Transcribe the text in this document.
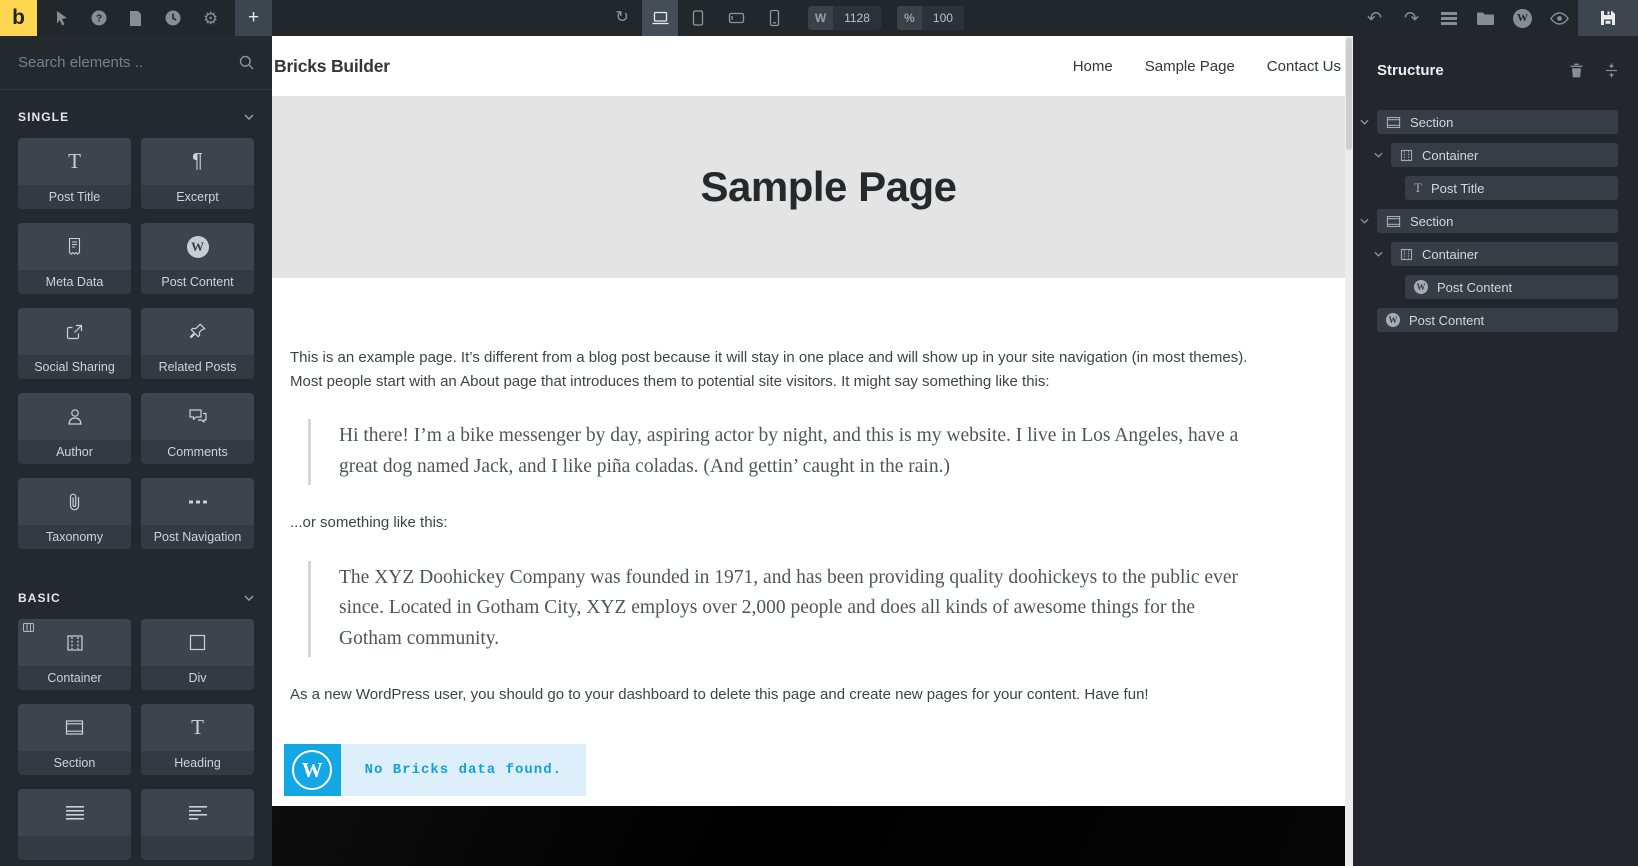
b	?	⚙	+	↻	W	1128	%	100	↶	↷	W
Search elements ..
SINGLE
T
Post Title
¶
Excerpt
Meta Data
W
Post Content
Social Sharing	Related Posts
Author	Comments
Taxonomy	Post Navigation
BASIC
Container	Div
Section
T
Heading
Bricks Builder	Home Sample Page Contact Us
Sample Page

This is an example page. It’s different from a blog post because it will stay in one place and will show up in your site navigation (in most themes). Most people start with an About page that introduces them to potential site visitors. It might say something like this:

Hi there! I’m a bike messenger by day, aspiring actor by night, and this is my website. I live in Los Angeles, have a great dog named Jack, and I like piña coladas. (And gettin’ caught in the rain.)

...or something like this:

The XYZ Doohickey Company was founded in 1971, and has been providing quality doohickeys to the public ever since. Located in Gotham City, XYZ employs over 2,000 people and does all kinds of awesome things for the Gotham community.

As a new WordPress user, you should go to your dashboard to delete this page and create new pages for your content. Have fun!

W	No Bricks data found.
Structure
Section
Container
T Post Title
Section
Container
W Post Content
W Post Content
